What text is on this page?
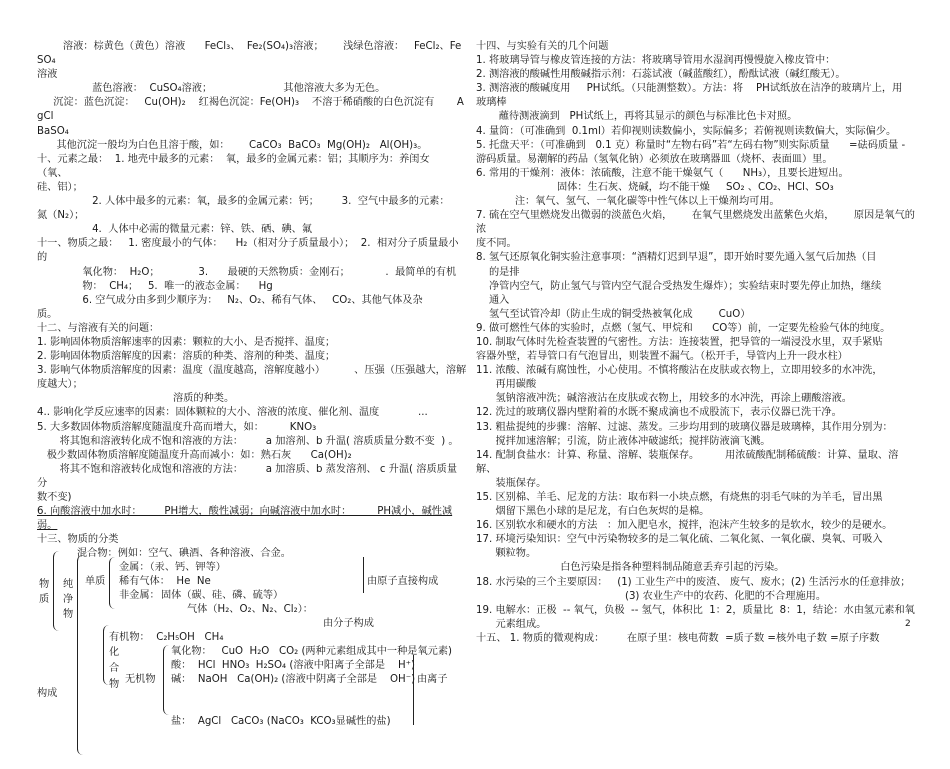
溶液：棕黄色（黄色）溶液      FeCl₃、  Fe₂(SO₄)₃溶液；      浅绿色溶液：   FeCl₂、FeSO₄

溶液

蓝色溶液：  CuSO₄溶液；                      其他溶液大多为无色。

沉淀：蓝色沉淀：   Cu(OH)₂    红褐色沉淀：Fe(OH)₃    不溶于稀硝酸的白色沉淀有       AgCl

BaSO₄

其他沉淀一般均为白色且溶于酸，如：      CaCO₃  BaCO₃  Mg(OH)₂   Al(OH)₃。

十、元素之最：  1. 地壳中最多的元素：  氧，最多的金属元素：铝；其顺序为：养闺女   （氧、

硅、铝）；

2. 人体中最多的元素：氧，最多的金属元素：钙；       3.  空气中最多的元素：

氮（N₂）；

4.  人体中必需的微量元素：锌、铁、硒、碘、氟

十一、物质之最：   1. 密度最小的气体：    H₂（相对分子质量最小）；  2.  相对分子质量最小的

氧化物：  H₂O；            3.      最硬的天然物质：金刚石；           .  最简单的有机

物：  CH₄；   5.  唯一的液态金属：    Hg

6. 空气成分由多到少顺序为：   N₂、O₂、稀有气体、   CO₂、其他气体及杂

质。

十二、与溶液有关的问题：

1. 影响固体物质溶解速率的因素：颗粒的大小、是否搅拌、温度；

2. 影响固体物质溶解度的因素：溶质的种类、溶剂的种类、温度；

3. 影响气体物质溶解度的因素：温度（温度越高，溶解度越小）         、压强（压强越大，溶解

度越大）；

溶质的种类。

4.. 影响化学反应速率的因素：固体颗粒的大小、溶液的浓度、催化剂、温度            ...

5. 大多数固体物质溶解度随温度升高而增大，如：        KNO₃

将其饱和溶液转化成不饱和溶液的方法：       a 加溶剂、b 升温( 溶质质量分数不变  ) 。

极少数固体物质溶解度随温度升高而减小：如：熟石灰      Ca(OH)₂

将其不饱和溶液转化成饱和溶液的方法：       a 加溶质、b 蒸发溶剂、 c 升温( 溶质质量分

数不变)

6. 向酸溶液中加水时：       PH增大，酸性减弱；向碱溶液中加水时：        PH减小，碱性减弱。

十三、物质的分类

混合物：例如：空气、碘酒、各种溶液、合金。
物质
纯净物
单质
金属：（汞、钙、钾等）
稀有气体：  He  Ne
非金属： 固体（碳、硅、磷、硫等）
气体（H₂、O₂、N₂、Cl₂）：
由原子直接构成
由分子构成
有机物：  C₂H₅OH   CH₄
化合物 无机物
氧化物：   CuO  H₂O   CO₂ (两种元素组成其中一种是氧元素)
酸：  HCl  HNO₃  H₂SO₄ (溶液中阳离子全部是    H⁺)
碱：  NaOH   Ca(OH)₂ (溶液中阴离子全部是    OH⁻) 由离子
构成
盐：  AgCl   CaCO₃ (NaCO₃  KCO₃显碱性的盐)

十四、与实验有关的几个问题

1. 将玻璃导管与橡皮管连接的方法：将玻璃导管用水湿润再慢慢旋入橡皮管中：

2. 测溶液的酸碱性用酸碱指示剂：石蕊试液（碱蓝酸红），酚酞试液（碱红酸无）。

3. 测溶液的酸碱度用     PH试纸。（只能测整数）。方法：将    PH试纸放在洁净的玻璃片上，用

玻璃棒

蘸待测液滴到   PH试纸上，再将其显示的颜色与标准比色卡对照。

4. 量筒：（可准确到  0.1ml）若仰视则读数偏小，实际偏多；若俯视则读数偏大，实际偏少。

5. 托盘天平：（可准确到   0.1 克）称量时“左物右码”若“左码右物”则实际质量      =砝码质量 -

游码质量。易潮解的药品（氢氧化钠）必须放在玻璃器皿（烧杯、表面皿）里。

6. 常用的干燥剂：液体：浓硫酸，注意不能干燥氨气（      NH₃），且要长进短出。

固体：生石灰、烧碱，均不能干燥     SO₂ 、CO₂、HCl、SO₃

注：氧气、氢气、一氧化碳等中性气体以上干燥剂均可用。

7. 硫在空气里燃烧发出微弱的淡蓝色火焰，      在氧气里燃烧发出蓝紫色火焰，      原因是氧气的浓

度不同。

8. 氢气还原氧化铜实验注意事项：“酒精灯迟到早退”，即开始时要先通入氢气后加热（目

的是排

净管内空气，防止氢气与管内空气混合受热发生爆炸）；实验结束时要先停止加热，继续

通入

氢气至试管冷却（防止生成的铜受热被氧化成        CuO）

9. 做可燃性气体的实验时，点燃（氢气、甲烷和      CO等）前，一定要先检验气体的纯度。

10. 制取气体时先检查装置的气密性。方法：连接装置，把导管的一端浸没水里，双手紧贴

容器外壁，若导管口有气泡冒出，则装置不漏气。（松开手，导管内上升一段水柱）

11. 浓酸、浓碱有腐蚀性，小心使用。不慎将酸沾在皮肤或衣物上，立即用较多的水冲洗，

再用碳酸

氢钠溶液冲洗；碱溶液沾在皮肤或衣物上，用较多的水冲洗，再涂上硼酸溶液。

12. 洗过的玻璃仪器内壁附着的水既不聚成滴也不成股流下，表示仪器已洗干净。

13. 粗盐提纯的步骤：溶解、过滤、蒸发。三步均用到的玻璃仪器是玻璃棒，其作用分别为：

搅拌加速溶解；引流，防止液体冲破滤纸；搅拌防液滴飞溅。

14. 配制食盐水：计算、称量、溶解、装瓶保存。        用浓硫酸配制稀硫酸：计算、量取、溶解、

装瓶保存。

15. 区别棉、羊毛、尼龙的方法：取布料一小块点燃，有烧焦的羽毛气味的为羊毛，冒出黑

烟留下黑色小球的是尼龙，有白色灰烬的是棉。

16. 区别软水和硬水的方法   ：加入肥皂水，搅拌，泡沫产生较多的是软水，较少的是硬水。

17. 环境污染知识：空气中污染物较多的是二氧化硫、二氧化氮、一氧化碳、臭氧、可吸入

颗粒物。

白色污染是指各种塑料制品随意丢弃引起的污染。

18. 水污染的三个主要原因：   (1) 工业生产中的废渣、 废气、废水；(2) 生活污水的任意排放；

(3) 农业生产中的农药、化肥的不合理施用。

19. 电解水：正极  -- 氧气，负极  -- 氢气，体积比  1：2，质量比  8：1，结论：水由氢元素和氧

元素组成。

十五、 1. 物质的微观构成：       在原子里：核电荷数  =质子数 =核外电子数 =原子序数

2
